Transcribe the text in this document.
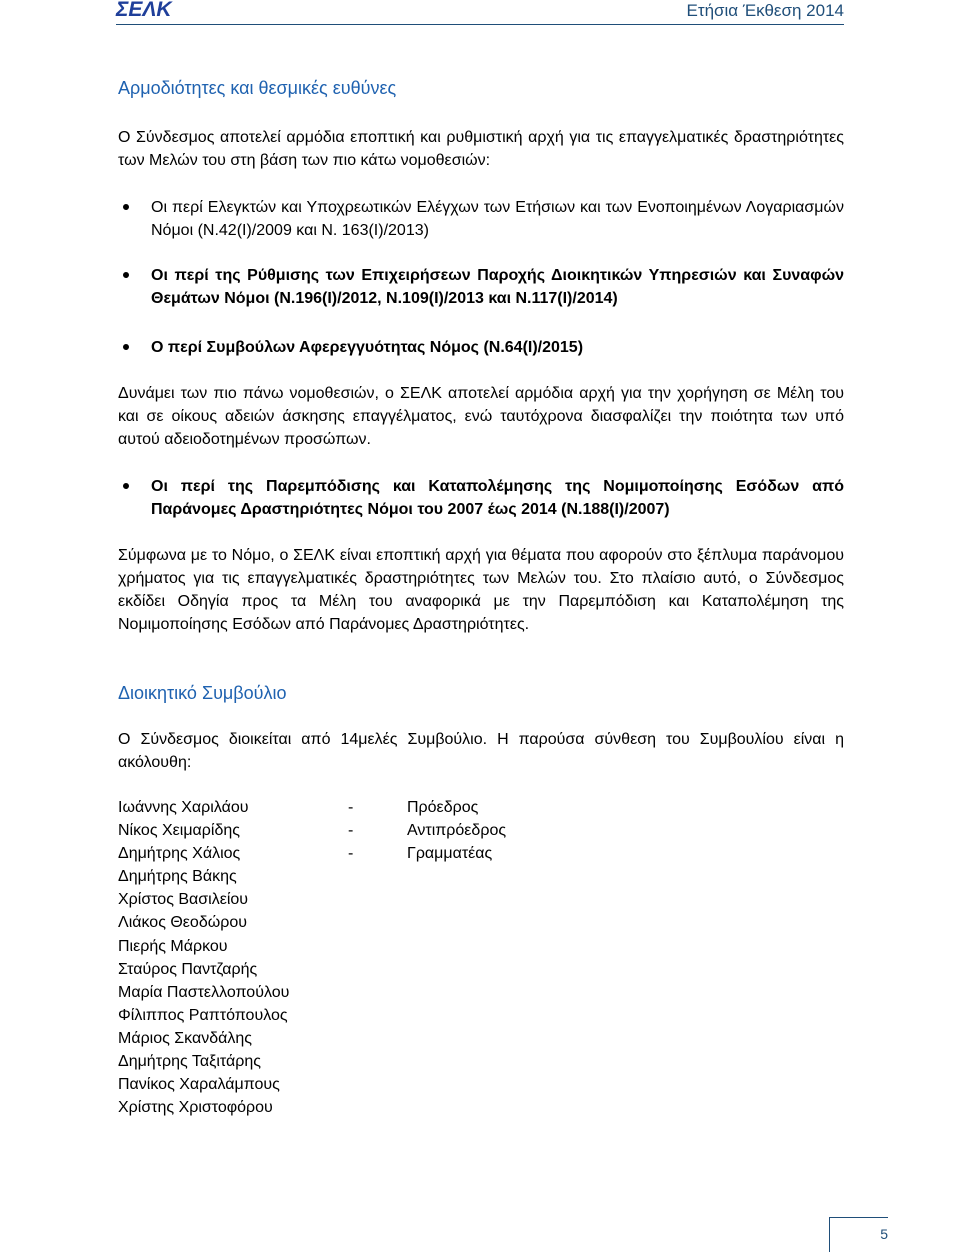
ΣΕΛΚ	Ετήσια Έκθεση 2014
Αρμοδιότητες και θεσμικές ευθύνες

Ο Σύνδεσμος αποτελεί αρμόδια εποπτική και ρυθμιστική αρχή για τις επαγγελματικές δραστηριότητες των Μελών του στη βάση των πιο κάτω νομοθεσιών:

Οι περί Ελεγκτών και Υποχρεωτικών Ελέγχων των Ετήσιων και των Ενοποιημένων Λογαριασμών Νόμοι (Ν.42(Ι)/2009 και Ν. 163(Ι)/2013)
Οι περί της Ρύθμισης των Επιχειρήσεων Παροχής Διοικητικών Υπηρεσιών και Συναφών Θεμάτων Νόμοι (Ν.196(Ι)/2012, Ν.109(Ι)/2013 και Ν.117(Ι)/2014)
Ο περί Συμβούλων Αφερεγγυότητας Νόμος (Ν.64(Ι)/2015)

Δυνάμει των πιο πάνω νομοθεσιών, ο ΣΕΛΚ αποτελεί αρμόδια αρχή για την χορήγηση σε Μέλη του και σε οίκους αδειών άσκησης επαγγέλματος, ενώ ταυτόχρονα διασφαλίζει την ποιότητα των υπό αυτού αδειοδοτημένων προσώπων.

Οι περί της Παρεμπόδισης και Καταπολέμησης της Νομιμοποίησης Εσόδων από Παράνομες Δραστηριότητες Νόμοι του 2007 έως 2014 (Ν.188(Ι)/2007)

Σύμφωνα με το Νόμο, ο ΣΕΛΚ είναι εποπτική αρχή για θέματα που αφορούν στο ξέπλυμα παράνομου χρήματος για τις επαγγελματικές δραστηριότητες των Μελών του. Στο πλαίσιο αυτό, ο Σύνδεσμος εκδίδει Οδηγία προς τα Μέλη του αναφορικά με την Παρεμπόδιση και Καταπολέμηση της Νομιμοποίησης Εσόδων από Παράνομες Δραστηριότητες.

Διοικητικό Συμβούλιο

Ο Σύνδεσμος διοικείται από 14μελές Συμβούλιο. Η παρούσα σύνθεση του Συμβουλίου είναι η ακόλουθη:

Ιωάννης Χαριλάου	-	Πρόεδρος
Νίκος Χειμαρίδης	-	Αντιπρόεδρος
Δημήτρης Χάλιος	-	Γραμματέας
Δημήτρης Βάκης
Χρίστος Βασιλείου
Λιάκος Θεοδώρου
Πιερής Μάρκου
Σταύρος Παντζαρής
Μαρία Παστελλοπούλου
Φίλιππος Ραπτόπουλος
Μάριος Σκανδάλης
Δημήτρης Ταξιτάρης
Πανίκος Χαραλάμπους
Χρίστης Χριστοφόρου
5
